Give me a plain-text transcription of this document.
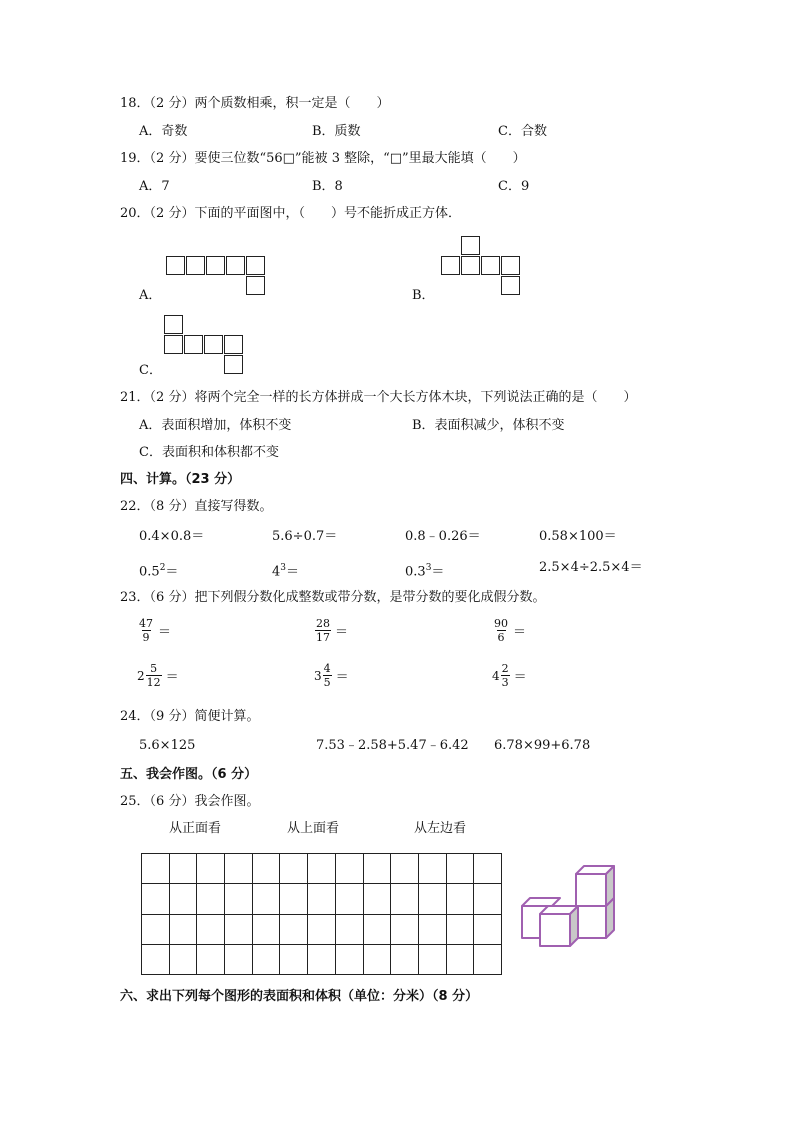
18．（2 分）两个质数相乘，积一定是（　　）
A．奇数	B．质数	C．合数
19．（2 分）要使三位数“56□”能被 3 整除，“□”里最大能填（　　）
A．7	B．8	C．9
20．（2 分）下面的平面图中，（　　）号不能折成正方体．
A．	B．
C．
21．（2 分）将两个完全一样的长方体拼成一个大长方体木块，下列说法正确的是（　　）
A．表面积增加，体积不变	B．表面积减少，体积不变
C．表面积和体积都不变
四、计算。（23 分）
22．（8 分）直接写得数。
0.4×0.8＝	5.6÷0.7＝	0.8﹣0.26＝	0.58×100＝
$0.5^2=$	$4^3=$	$0.3^3=$	2.5×4÷2.5×4＝
23．（6 分）把下列假分数化成整数或带分数，是带分数的要化成假分数。
$\frac{47}{9}$ ＝	$\frac{28}{17}$ ＝	$\frac{90}{6}$ ＝
$2 \frac{5}{12}$ ＝	$3 \frac{4}{5}$ ＝	$4 \frac{2}{3}$ ＝
24．（9 分）简便计算。
5.6×125	7.53﹣2.58+5.47﹣6.42 6.78×99+6.78
五、我会作图。（6 分）
25．（6 分）我会作图。
从正面看	从上面看	从左边看
六、求出下列每个图形的表面积和体积（单位：分米）（8 分）
